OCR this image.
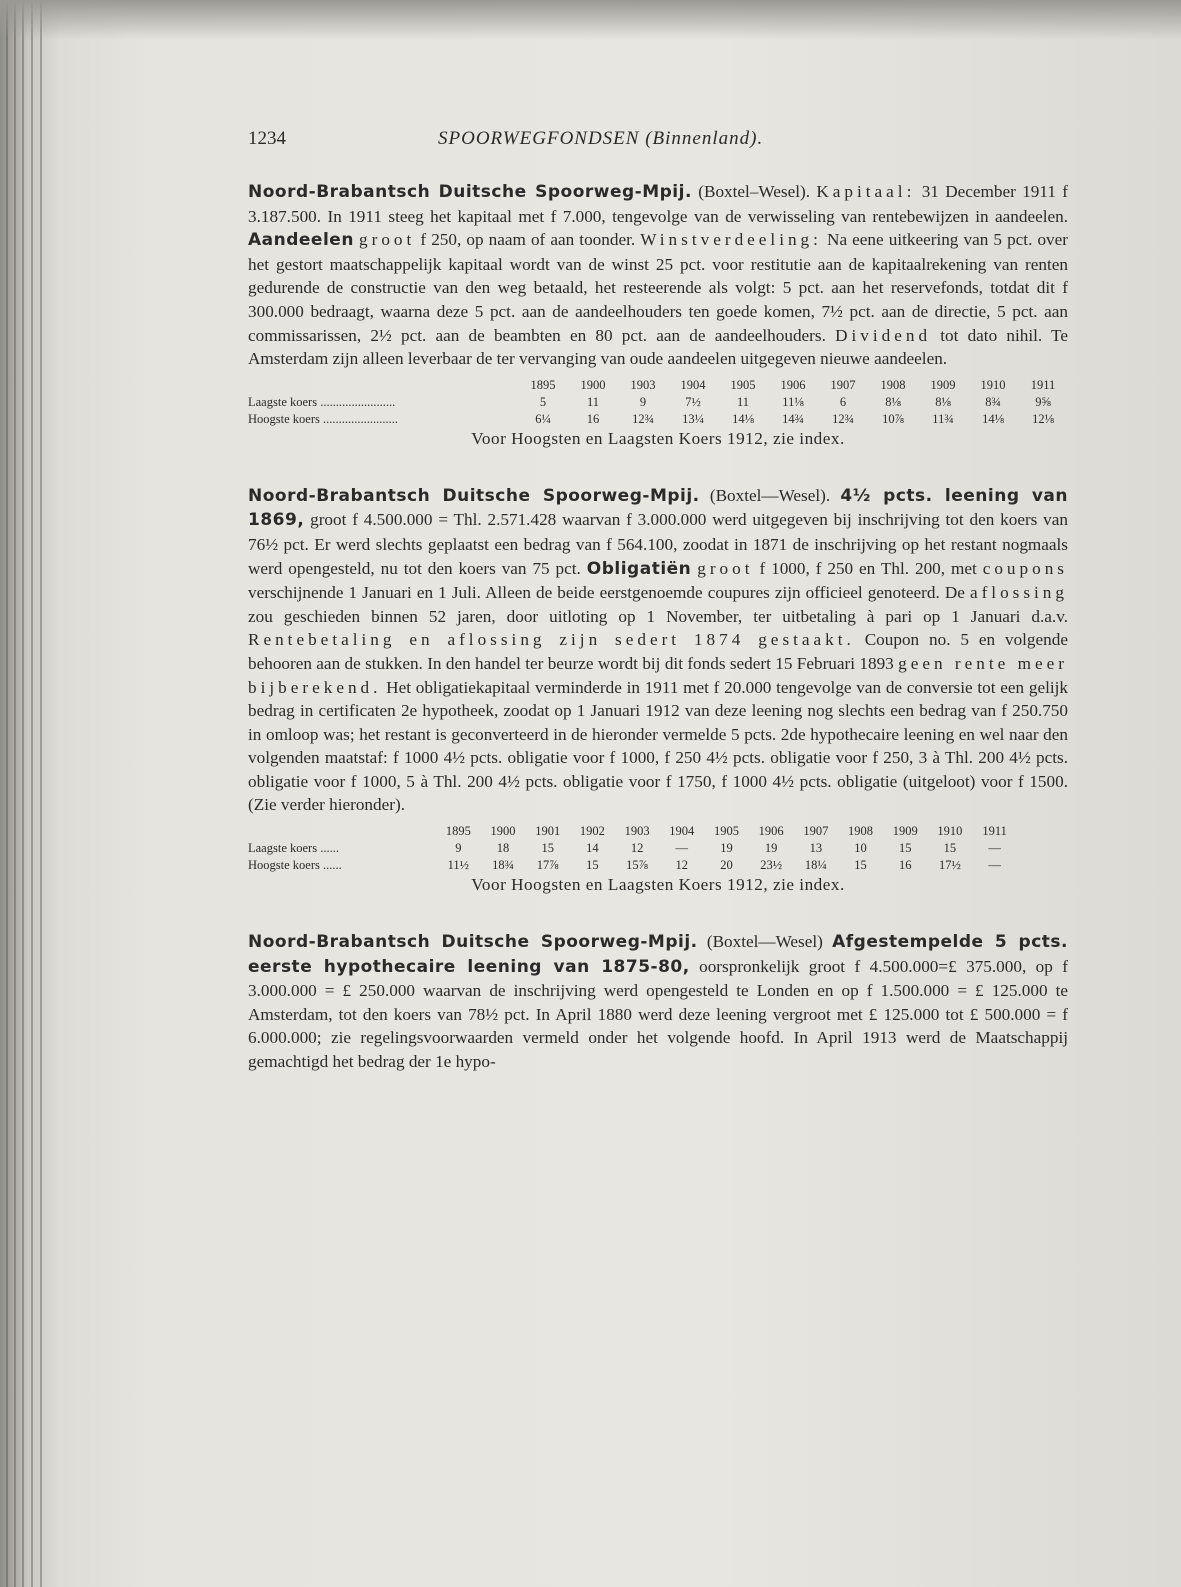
1234	SPOORWEGFONDSEN (Binnenland).

Noord-Brabantsch Duitsche Spoorweg-Mpij. (Boxtel–Wesel). Kapitaal: 31 December 1911 f 3.187.500. In 1911 steeg het kapitaal met f 7.000, tengevolge van de verwisseling van rentebewijzen in aandeelen. Aandeelen groot f 250, op naam of aan toonder. Winstverdeeling: Na eene uitkeering van 5 pct. over het gestort maatschappelijk kapitaal wordt van de winst 25 pct. voor restitutie aan de kapitaalrekening van renten gedurende de constructie van den weg betaald, het resteerende als volgt: 5 pct. aan het reservefonds, totdat dit f 300.000 bedraagt, waarna deze 5 pct. aan de aandeelhouders ten goede komen, 7½ pct. aan de directie, 5 pct. aan commissarissen, 2½ pct. aan de beambten en 80 pct. aan de aandeelhouders. Dividend tot dato nihil. Te Amsterdam zijn alleen leverbaar de ter vervanging van oude aandeelen uitgegeven nieuwe aandeelen.

1895	1900	1903	1904	1905	1906	1907	1908	1909	1910	1911
Laagste koers ........................	5	11	9	7½	11	11⅛	6	8⅛	8⅛	8¾	9⅝
Hoogste koers ........................	6¼	16	12¾	13¼	14⅛	14¾	12¾	10⅞	11¾	14⅛	12⅛
Voor Hoogsten en Laagsten Koers 1912, zie index.

Noord-Brabantsch Duitsche Spoorweg-Mpij. (Boxtel—Wesel). 4½ pcts. leening van 1869, groot f 4.500.000 = Thl. 2.571.428 waarvan f 3.000.000 werd uitgegeven bij inschrijving tot den koers van 76½ pct. Er werd slechts geplaatst een bedrag van f 564.100, zoodat in 1871 de inschrijving op het restant nogmaals werd opengesteld, nu tot den koers van 75 pct. Obligatiën groot f 1000, f 250 en Thl. 200, met coupons verschijnende 1 Januari en 1 Juli. Alleen de beide eerstgenoemde coupures zijn officieel genoteerd. De aflossing zou geschieden binnen 52 jaren, door uitloting op 1 November, ter uitbetaling à pari op 1 Januari d.a.v. Rentebetaling en aflossing zijn sedert 1874 gestaakt. Coupon no. 5 en volgende behooren aan de stukken. In den handel ter beurze wordt bij dit fonds sedert 15 Februari 1893 geen rente meer bijberekend. Het obligatiekapitaal verminderde in 1911 met f 20.000 tengevolge van de conversie tot een gelijk bedrag in certificaten 2e hypotheek, zoodat op 1 Januari 1912 van deze leening nog slechts een bedrag van f 250.750 in omloop was; het restant is geconverteerd in de hieronder vermelde 5 pcts. 2de hypothecaire leening en wel naar den volgenden maatstaf: f 1000 4½ pcts. obligatie voor f 1000, f 250 4½ pcts. obligatie voor f 250, 3 à Thl. 200 4½ pcts. obligatie voor f 1000, 5 à Thl. 200 4½ pcts. obligatie voor f 1750, f 1000 4½ pcts. obligatie (uitgeloot) voor f 1500. (Zie verder hieronder).

1895	1900	1901	1902	1903	1904	1905	1906	1907	1908	1909	1910	1911
Laagste koers ......	9	18	15	14	12	—	19	19	13	10	15	15	—
Hoogste koers ......	11½	18¾	17⅞	15	15⅞	12	20	23½	18¼	15	16	17½	—
Voor Hoogsten en Laagsten Koers 1912, zie index.

Noord-Brabantsch Duitsche Spoorweg-Mpij. (Boxtel—Wesel) Afgestempelde 5 pcts. eerste hypothecaire leening van 1875-80, oorspronkelijk groot f 4.500.000=£ 375.000, op f 3.000.000 = £ 250.000 waarvan de inschrijving werd opengesteld te Londen en op f 1.500.000 = £ 125.000 te Amsterdam, tot den koers van 78½ pct. In April 1880 werd deze leening vergroot met £ 125.000 tot £ 500.000 = f 6.000.000; zie regelingsvoorwaarden vermeld onder het volgende hoofd. In April 1913 werd de Maatschappij gemachtigd het bedrag der 1e hypo-
